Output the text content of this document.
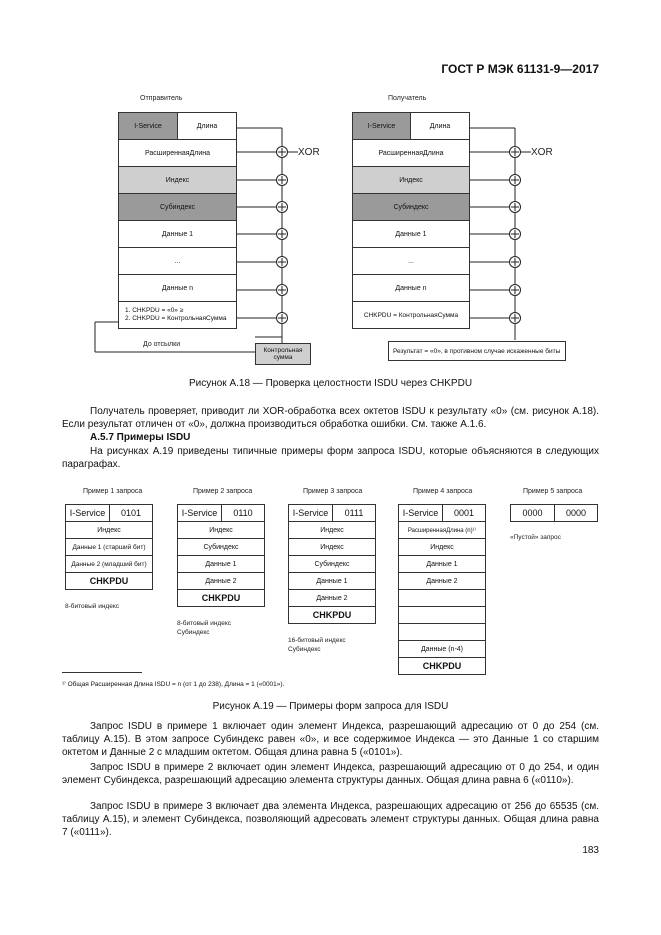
ГОСТ Р МЭК 61131-9—2017
Отправитель	Получатель
I-Service	Длина
РасширеннаяДлина
Индекс
Субиндекс
Данные 1
...
Данные n
1. CHKPDU = «0» ≥
2. CHKPDU = КонтрольнаяСумма
До отсылки
Контрольная сумма
XOR
I-Service	Длина
РасширеннаяДлина
Индекс
Субиндекс
Данные 1
...
Данные n
CHKPDU = КонтрольнаяСумма
Результат = «0», в противном случае искаженные биты
XOR
Рисунок А.18 — Проверка целостности ISDU через CHKPDU

Получатель проверяет, приводит ли XOR-обработка всех октетов ISDU к результату «0» (см. рисунок А.18). Если результат отличен от «0», должна производиться обработка ошибки. См. также А.1.6.

А.5.7 Примеры ISDU

На рисунках А.19 приведены типичные примеры форм запроса ISDU, которые объясняются в следующих параграфах.

Пример 1 запроса
I-Service	0101
Индекс
Данные 1 (старший бит)
Данные 2 (младший бит)
CHKPDU
8-битовый индекс
Пример 2 запроса
I-Service	0110
Индекс
Субиндекс
Данные 1
Данные 2
CHKPDU
8-битовый индекс
Субиндекс
Пример 3 запроса
I-Service	0111
Индекс
Индекс
Субиндекс
Данные 1
Данные 2
CHKPDU
16-битовый индекс
Субиндекс
Пример 4 запроса
I-Service	0001
РасширеннаяДлина (n)¹⁾
Индекс
Данные 1
Данные 2
Данные (n-4)
CHKPDU
Пример 5 запроса
0000	0000
«Пустой» запрос
¹⁾ Общая Расширенная Длина ISDU = n (от 1 до 238), Длина = 1 («0001»).
Рисунок А.19 — Примеры форм запроса для ISDU

Запрос ISDU в примере 1 включает один элемент Индекса, разрешающий адресацию от 0 до 254 (см. таблицу А.15). В этом запросе Субиндекс равен «0», и все содержимое Индекса — это Данные 1 со старшим октетом и Данные 2 с младшим октетом. Общая длина равна 5 («0101»).

Запрос ISDU в примере 2 включает один элемент Индекса, разрешающий адресацию от 0 до 254, и один элемент Субиндекса, разрешающий адресацию элемента структуры данных. Общая длина равна 6 («0110»).

Запрос ISDU в примере 3 включает два элемента Индекса, разрешающих адресацию от 256 до 65535 (см. таблицу А.15), и элемент Субиндекса, позволяющий адресовать элемент структуры данных. Общая длина равна 7 («0111»).

183
